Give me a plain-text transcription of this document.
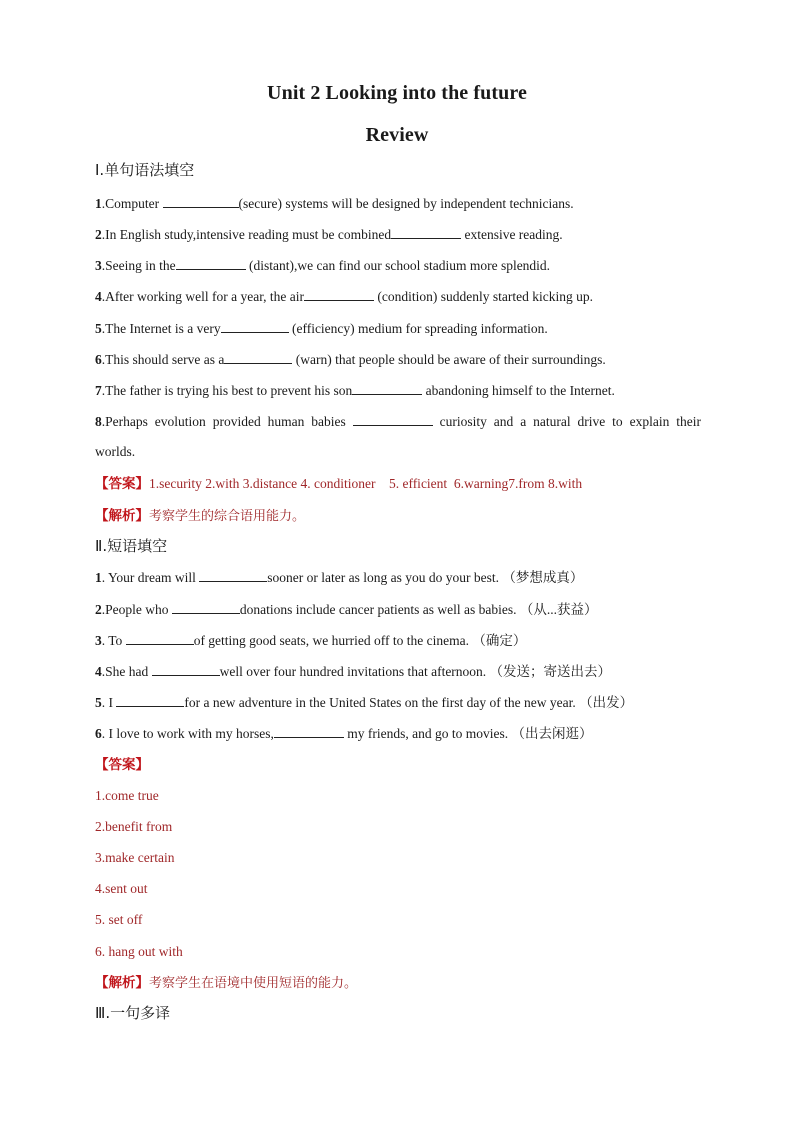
Unit 2 Looking into the future
Review
I.单句语法填空
1.Computer	(secure) systems will be designed by independent technicians.
2.In English study,intensive reading must be combined	extensive reading.
3.Seeing in the	(distant),we can find our school stadium more splendid.
4.After working well for a year, the air	(condition) suddenly started kicking up.
5.The Internet is a very	(efficiency) medium for spreading information.
6.This should serve as a	(warn) that people should be aware of their surroundings.
7.The father is trying his best to prevent his son	abandoning himself to the Internet.
8.Perhaps evolution provided human babies	curiosity and a natural drive to explain their
worlds.
【答案】1.security 2.with 3.distance 4. conditioner    5. efficient  6.warning7.from 8.with
【解析】考察学生的综合语用能力。
Ⅱ.短语填空
1. Your dream will	sooner or later as long as you do your best. （梦想成真）
2.People who	donations include cancer patients as well as babies. （从...获益）
3. To	of getting good seats, we hurried off to the cinema. （确定）
4.She had	well over four hundred invitations that afternoon. （发送；寄送出去）
5. I	for a new adventure in the United States on the first day of the new year. （出发）
6. I love to work with my horses,	my friends, and go to movies. （出去闲逛）
【答案】
1.come true
2.benefit from
3.make certain
4.sent out
5. set off
6. hang out with
【解析】考察学生在语境中使用短语的能力。
Ⅲ.一句多译
